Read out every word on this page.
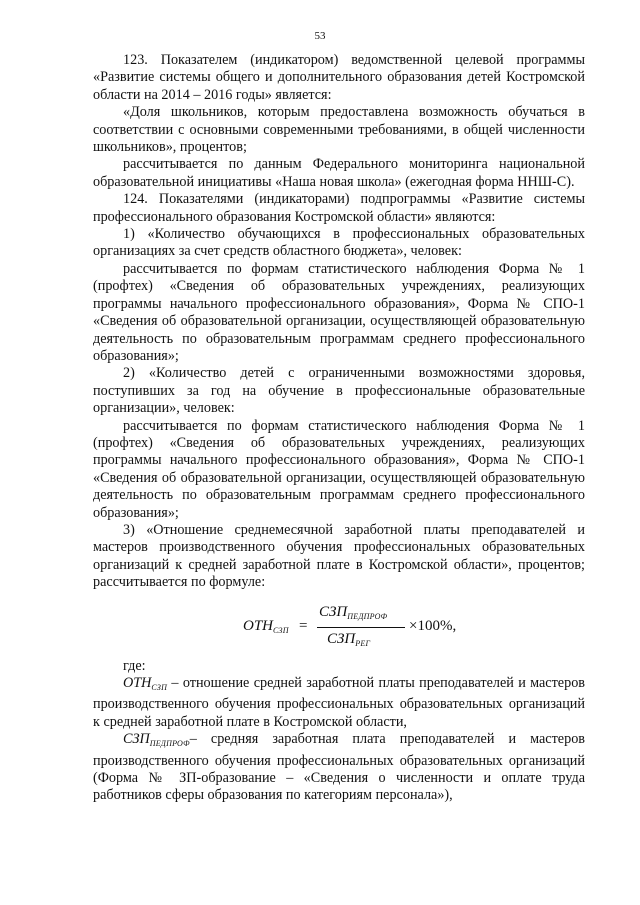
53

123. Показателем (индикатором) ведомственной целевой программы «Развитие системы общего и дополнительного образования детей Костромской области на 2014 – 2016 годы» является:

«Доля школьников, которым предоставлена возможность обучаться в соответствии с основными современными требованиями, в общей численности школьников», процентов;

рассчитывается по данным Федерального мониторинга национальной образовательной инициативы «Наша новая школа» (ежегодная форма ННШ-С).

124. Показателями (индикаторами) подпрограммы «Развитие системы профессионального образования Костромской области» являются:

1) «Количество обучающихся в профессиональных образовательных организациях за счет средств областного бюджета», человек:

рассчитывается по формам статистического наблюдения Форма № 1 (профтех) «Сведения об образовательных учреждениях, реализующих программы начального профессионального образования», Форма № СПО-1 «Сведения об образовательной организации, осуществляющей образовательную деятельность по образовательным программам среднего профессионального образования»;

2) «Количество детей с ограниченными возможностями здоровья, поступивших за год на обучение в профессиональные образовательные организации», человек:

рассчитывается по формам статистического наблюдения Форма № 1 (профтех) «Сведения об образовательных учреждениях, реализующих программы начального профессионального образования», Форма № СПО-1 «Сведения об образовательной организации, осуществляющей образовательную деятельность по образовательным программам среднего профессионального образования»;

3) «Отношение среднемесячной заработной платы преподавателей и мастеров производственного обучения профессиональных образовательных организаций к средней заработной плате в Костромской области», процентов; рассчитывается по формуле:

$ОТН_{СЗП}$ =
$СЗП_{ПЕДПРОФ}$
$СЗП_{РЕГ}$
×100%,

где:

$ОТН_{СЗП}$ – отношение средней заработной платы преподавателей и мастеров производственного обучения профессиональных образовательных организаций к средней заработной плате в Костромской области,

$СЗП_{ПЕДПРОФ}-$ средняя заработная плата преподавателей и мастеров производственного обучения профессиональных образовательных организаций (Форма № ЗП-образование – «Сведения о численности и оплате труда работников сферы образования по категориям персонала»),
